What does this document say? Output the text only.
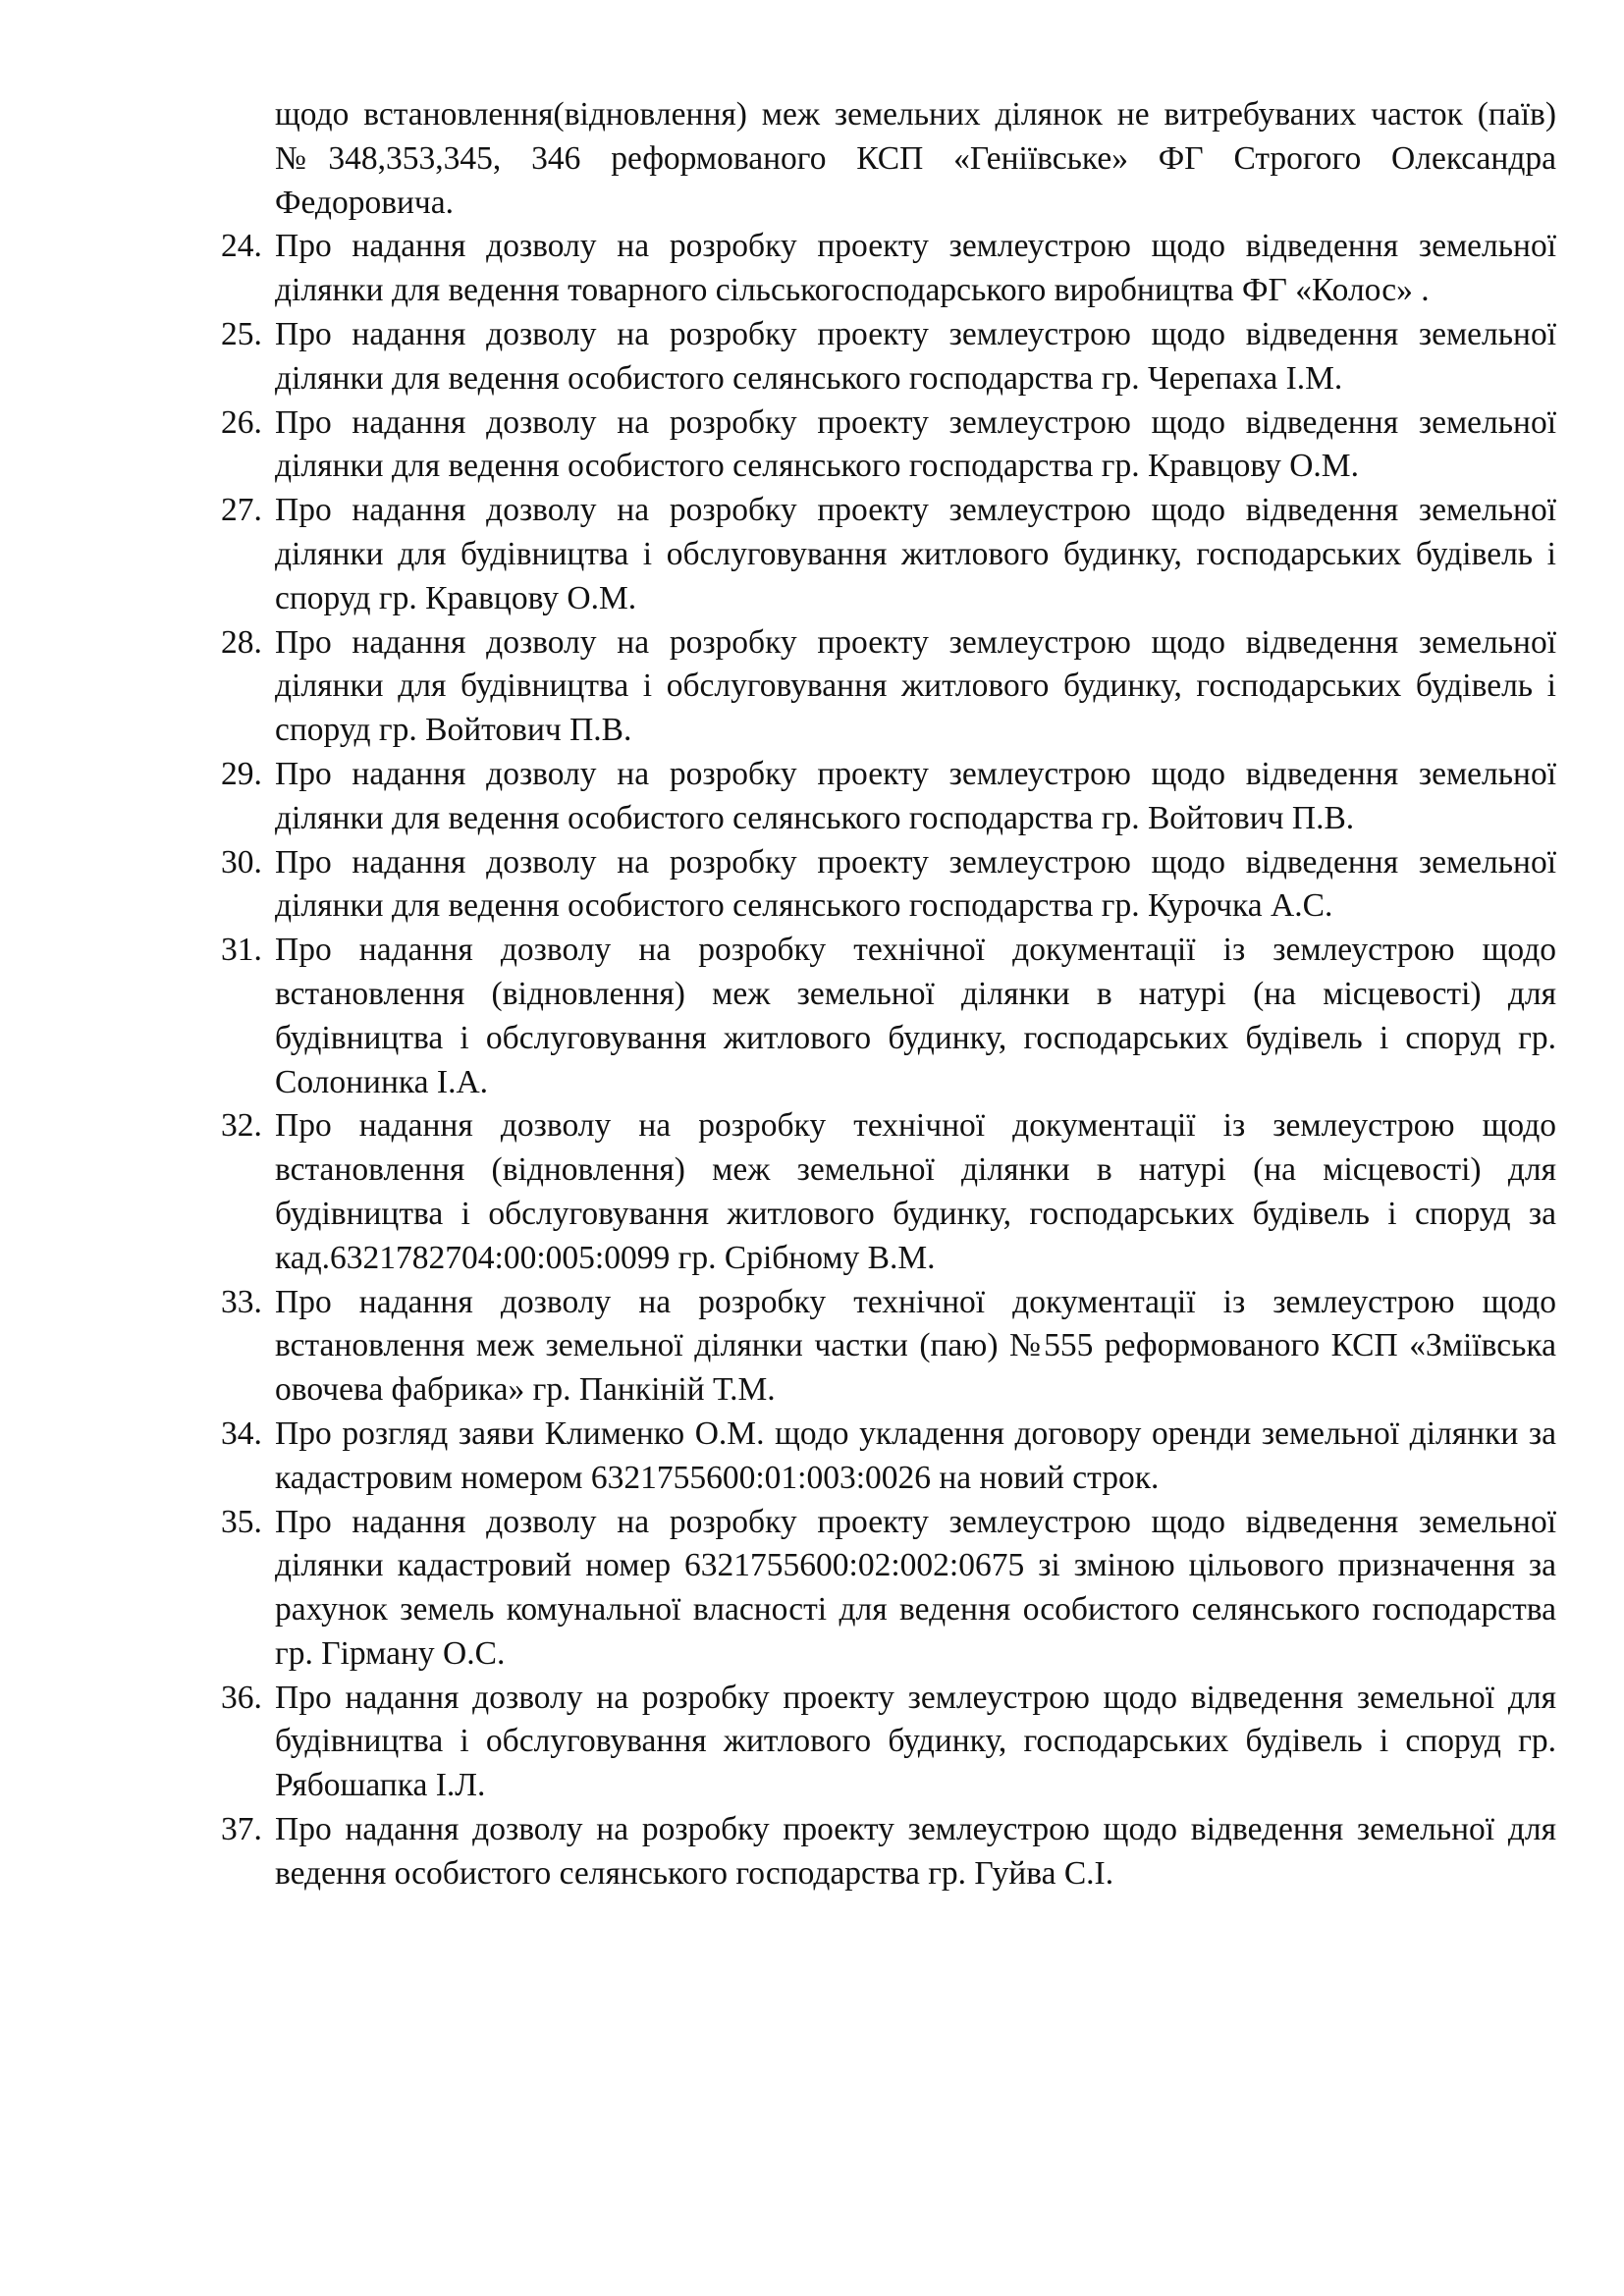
щодо встановлення(відновлення) меж земельних ділянок не витребуваних часток (паїв) №348,353,345, 346 реформованого КСП «Геніївське» ФГ Строгого Олександра Федоровича.

24. Про надання дозволу на розробку проекту землеустрою щодо відведення земельної ділянки для ведення товарного сільськогосподарського виробництва ФГ «Колос» .
25. Про надання дозволу на розробку проекту землеустрою щодо відведення земельної ділянки для ведення особистого селянського господарства гр. Черепаха І.М.
26. Про надання дозволу на розробку проекту землеустрою щодо відведення земельної ділянки для ведення особистого селянського господарства гр. Кравцову О.М.
27. Про надання дозволу на розробку проекту землеустрою щодо відведення земельної ділянки для будівництва і обслуговування житлового будинку, господарських будівель і споруд гр. Кравцову О.М.
28. Про надання дозволу на розробку проекту землеустрою щодо відведення земельної ділянки для будівництва і обслуговування житлового будинку, господарських будівель і споруд гр. Войтович П.В.
29. Про надання дозволу на розробку проекту землеустрою щодо відведення земельної ділянки для ведення особистого селянського господарства гр. Войтович П.В.
30. Про надання дозволу на розробку проекту землеустрою щодо відведення земельної ділянки для ведення особистого селянського господарства гр. Курочка А.С.
31. Про надання дозволу на розробку технічної документації із землеустрою щодо встановлення (відновлення) меж земельної ділянки в натурі (на місцевості) для будівництва і обслуговування житлового будинку, господарських будівель і споруд гр. Солонинка І.А.
32. Про надання дозволу на розробку технічної документації із землеустрою щодо встановлення (відновлення) меж земельної ділянки в натурі (на місцевості) для будівництва і обслуговування житлового будинку, господарських будівель і споруд за кад.6321782704:00:005:0099 гр. Срібному В.М.
33. Про надання дозволу на розробку технічної документації із землеустрою щодо встановлення меж земельної ділянки частки (паю) №555 реформованого КСП «Зміївська овочева фабрика» гр. Панкіній Т.М.
34. Про розгляд заяви Клименко О.М. щодо укладення договору оренди земельної ділянки за кадастровим номером 6321755600:01:003:0026 на новий строк.
35. Про надання дозволу на розробку проекту землеустрою щодо відведення земельної ділянки кадастровий номер 6321755600:02:002:0675 зі зміною цільового призначення за рахунок земель комунальної власності для ведення особистого селянського господарства гр. Гірману О.С.
36. Про надання дозволу на розробку проекту землеустрою щодо відведення земельної для будівництва і обслуговування житлового будинку, господарських будівель і споруд гр. Рябошапка І.Л.
37. Про надання дозволу на розробку проекту землеустрою щодо відведення земельної для ведення особистого селянського господарства гр. Гуйва С.І.
